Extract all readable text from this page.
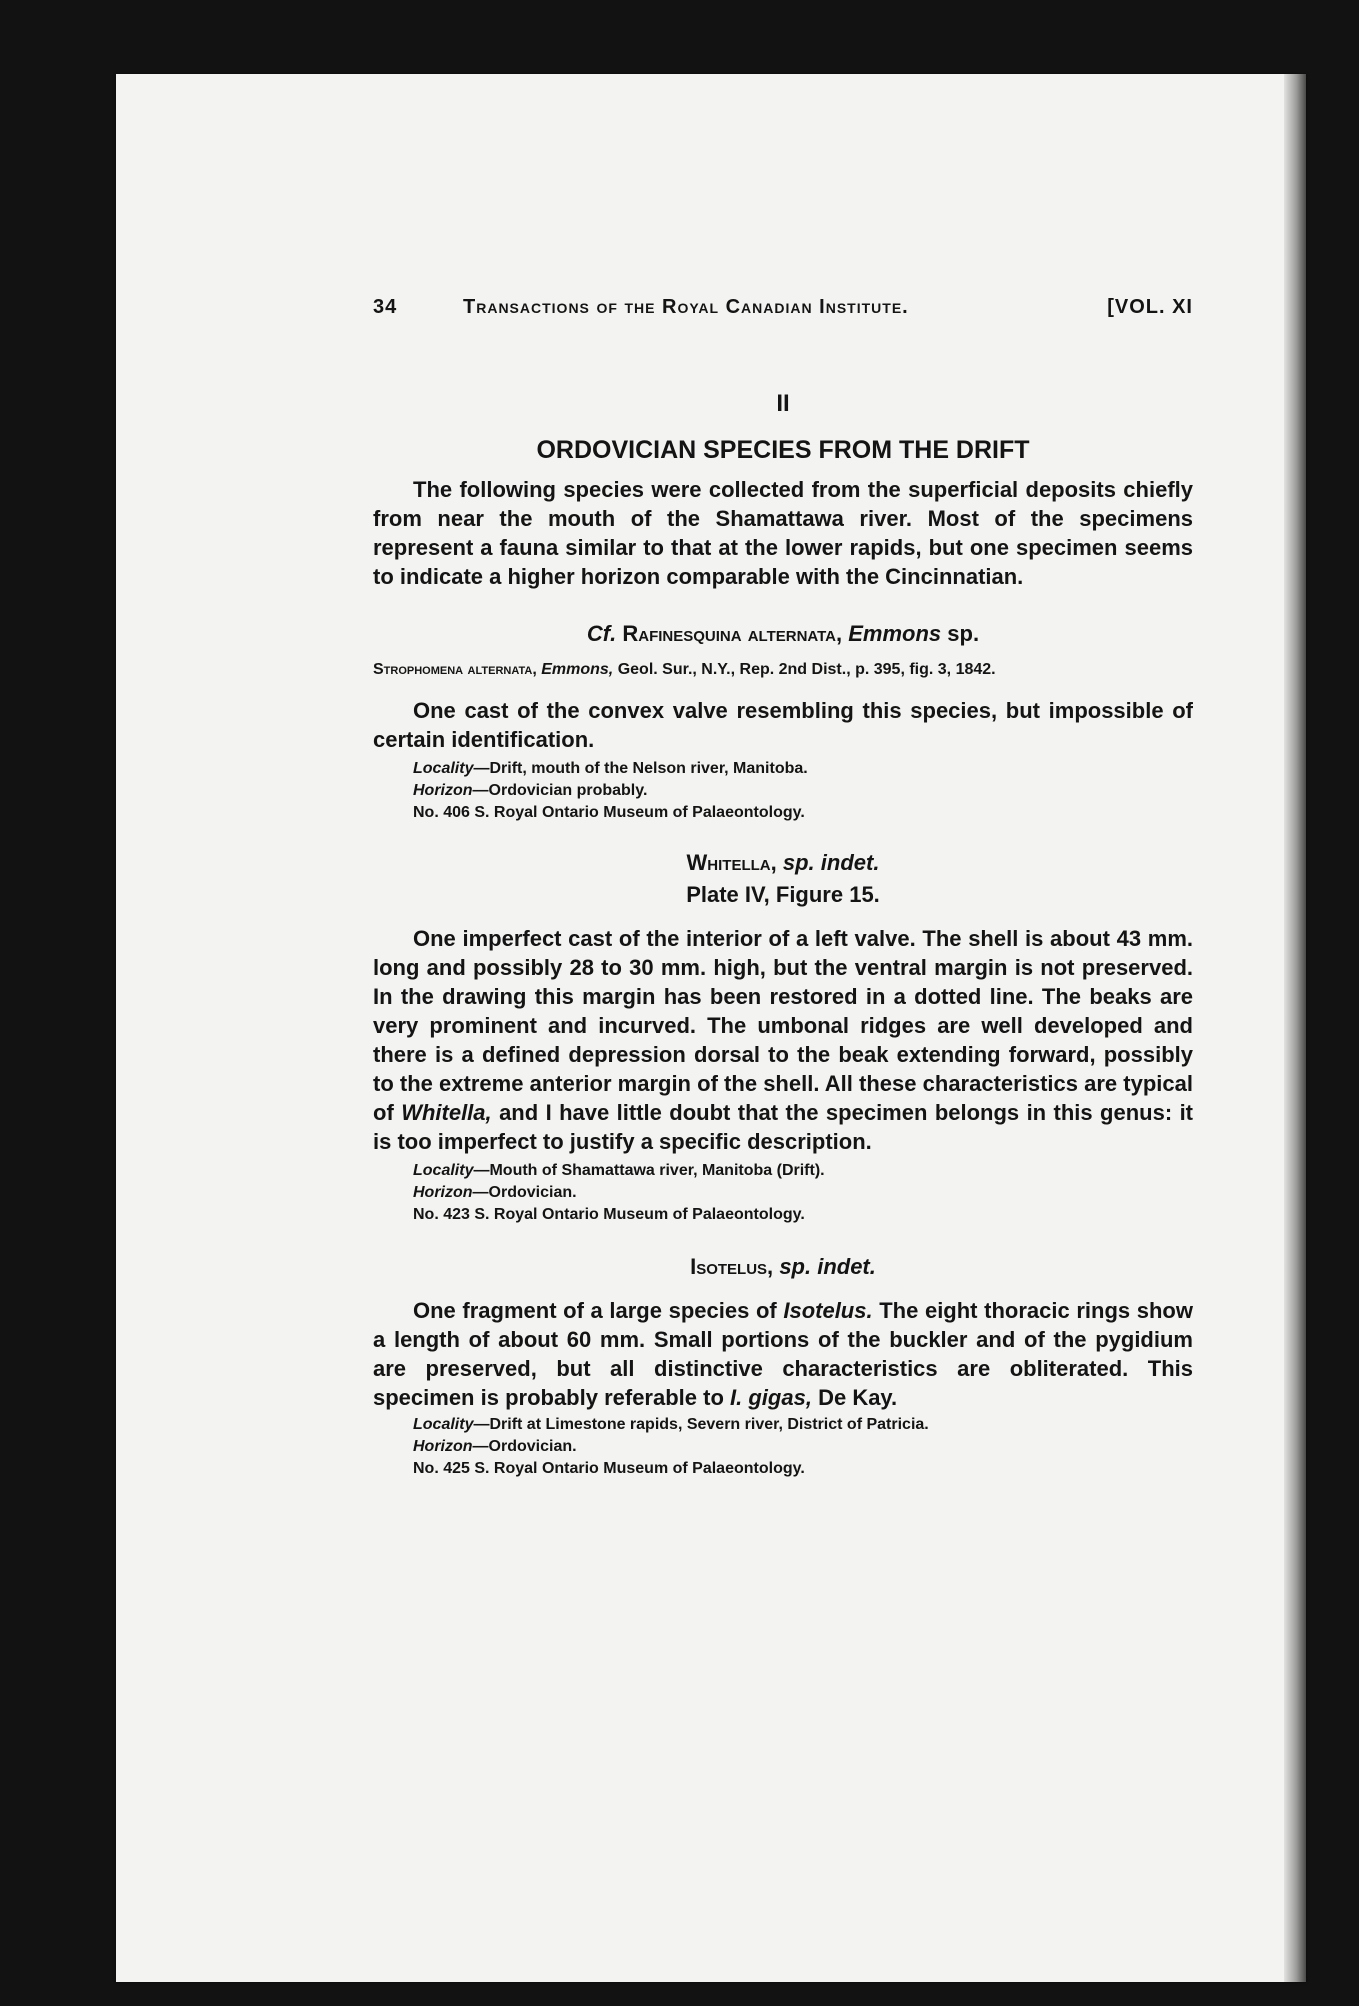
34	Transactions of the Royal Canadian Institute.	[VOL. XI
II
ORDOVICIAN SPECIES FROM THE DRIFT

The following species were collected from the superficial deposits chiefly from near the mouth of the Shamattawa river. Most of the specimens represent a fauna similar to that at the lower rapids, but one specimen seems to indicate a higher horizon comparable with the Cincinnatian.

Cf. Rafinesquina alternata, Emmons sp.
Strophomena alternata, Emmons, Geol. Sur., N.Y., Rep. 2nd Dist., p. 395, fig. 3, 1842.

One cast of the convex valve resembling this species, but impossible of certain identification.

Locality—Drift, mouth of the Nelson river, Manitoba.
Horizon—Ordovician probably.
No. 406 S. Royal Ontario Museum of Palaeontology.
Whitella, sp. indet.
Plate IV, Figure 15.

One imperfect cast of the interior of a left valve. The shell is about 43 mm. long and possibly 28 to 30 mm. high, but the ventral margin is not preserved. In the drawing this margin has been restored in a dotted line. The beaks are very prominent and incurved. The umbonal ridges are well developed and there is a defined depression dorsal to the beak extending forward, possibly to the extreme anterior margin of the shell. All these characteristics are typical of Whitella, and I have little doubt that the specimen belongs in this genus: it is too imperfect to justify a specific description.

Locality—Mouth of Shamattawa river, Manitoba (Drift).
Horizon—Ordovician.
No. 423 S. Royal Ontario Museum of Palaeontology.
Isotelus, sp. indet.

One fragment of a large species of Isotelus. The eight thoracic rings show a length of about 60 mm. Small portions of the buckler and of the pygidium are preserved, but all distinctive characteristics are obliterated. This specimen is probably referable to I. gigas, De Kay.

Locality—Drift at Limestone rapids, Severn river, District of Patricia.
Horizon—Ordovician.
No. 425 S. Royal Ontario Museum of Palaeontology.
